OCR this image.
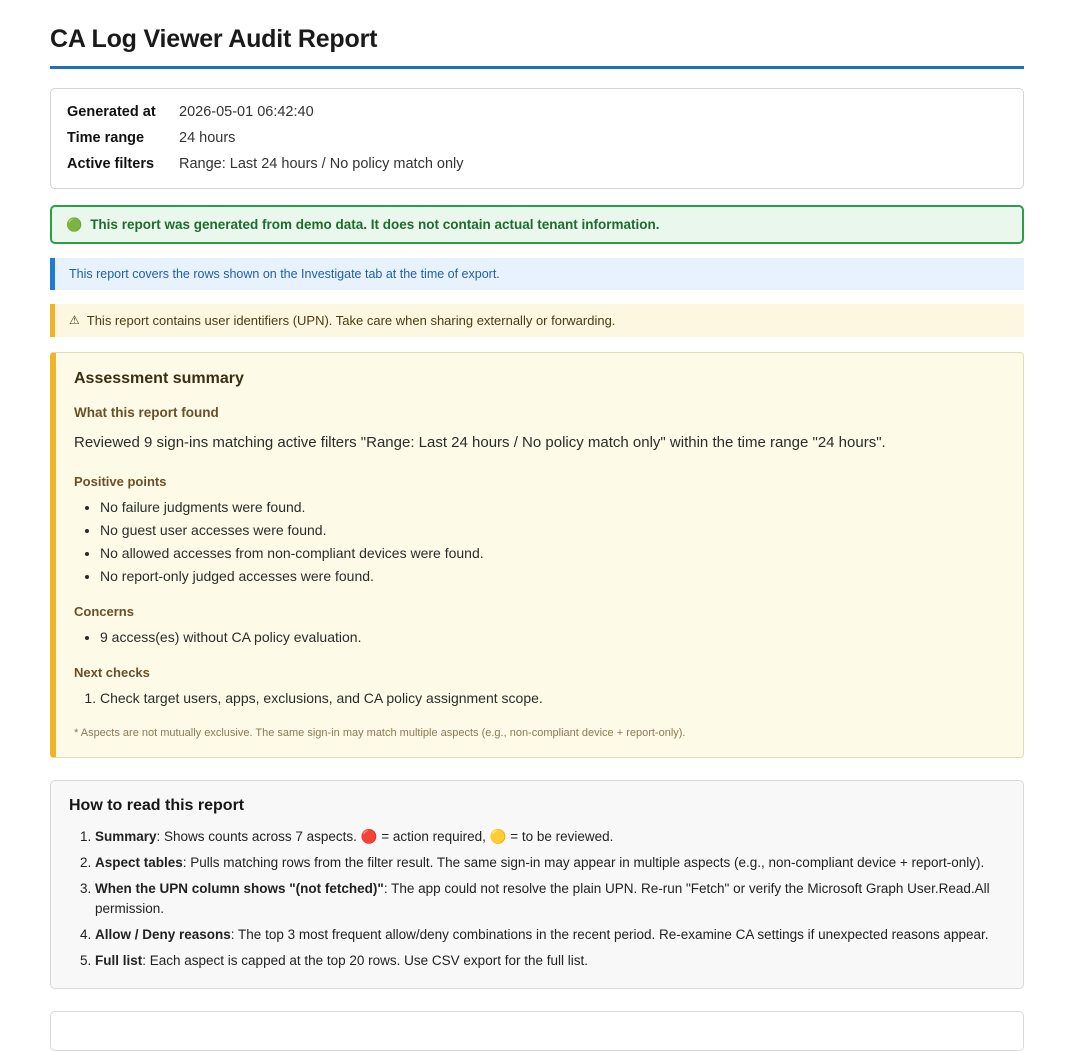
CA Log Viewer Audit Report
Generated at	2026-05-01 06:42:40
Time range	24 hours
Active filters	Range: Last 24 hours / No policy match only
🟢 This report was generated from demo data. It does not contain actual tenant information.
This report covers the rows shown on the Investigate tab at the time of export.
⚠ This report contains user identifiers (UPN). Take care when sharing externally or forwarding.
Assessment summary
What this report found

Reviewed 9 sign-ins matching active filters "Range: Last 24 hours / No policy match only" within the time range "24 hours".

Positive points
• No failure judgments were found.
• No guest user accesses were found.
• No allowed accesses from non-compliant devices were found.
• No report-only judged accesses were found.
Concerns
• 9 access(es) without CA policy evaluation.
Next checks
1. Check target users, apps, exclusions, and CA policy assignment scope.

* Aspects are not mutually exclusive. The same sign-in may match multiple aspects (e.g., non-compliant device + report-only).

How to read this report
1. Summary: Shows counts across 7 aspects. 🔴 = action required, 🟡 = to be reviewed.
2. Aspect tables: Pulls matching rows from the filter result. The same sign-in may appear in multiple aspects (e.g., non-compliant device + report-only).
3. When the UPN column shows "(not fetched)": The app could not resolve the plain UPN. Re-run "Fetch" or verify the Microsoft Graph User.Read.All permission.
4. Allow / Deny reasons: The top 3 most frequent allow/deny combinations in the recent period. Re-examine CA settings if unexpected reasons appear.
5. Full list: Each aspect is capped at the top 20 rows. Use CSV export for the full list.
